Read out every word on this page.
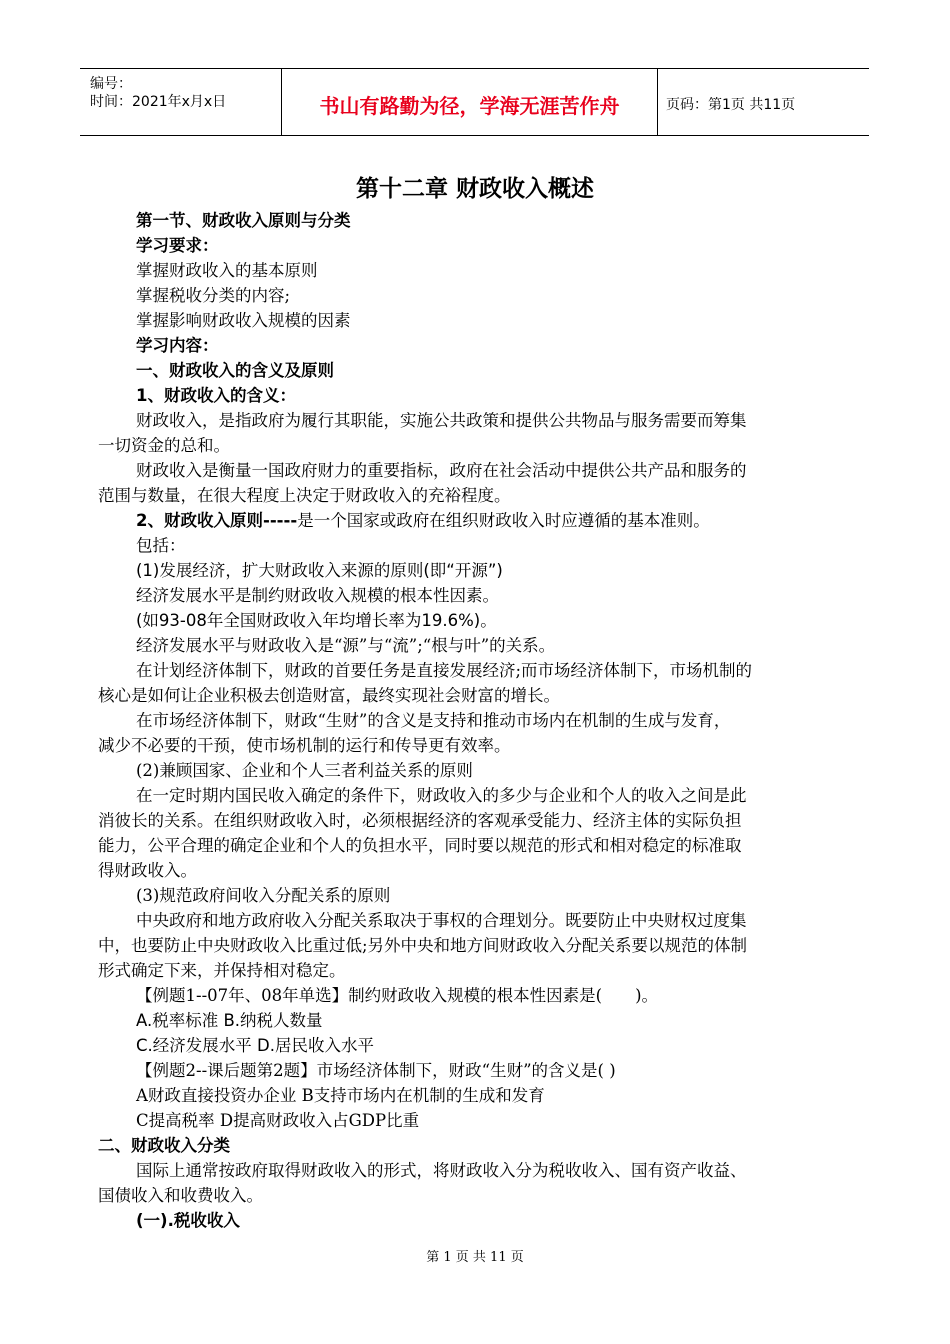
编号：
时间：2021年x月x日	书山有路勤为径，学海无涯苦作舟	页码：第1页 共11页
第十二章 财政收入概述
第一节、财政收入原则与分类
学习要求：
掌握财政收入的基本原则
掌握税收分类的内容;
掌握影响财政收入规模的因素
学习内容：
一、财政收入的含义及原则
1、财政收入的含义：
财政收入，是指政府为履行其职能，实施公共政策和提供公共物品与服务需要而筹集
一切资金的总和。
财政收入是衡量一国政府财力的重要指标，政府在社会活动中提供公共产品和服务的
范围与数量，在很大程度上决定于财政收入的充裕程度。
2、财政收入原则-----是一个国家或政府在组织财政收入时应遵循的基本准则。
包括：
(1)发展经济，扩大财政收入来源的原则(即“开源”)
经济发展水平是制约财政收入规模的根本性因素。
(如93-08年全国财政收入年均增长率为19.6%)。
经济发展水平与财政收入是“源”与“流”;“根与叶”的关系。
在计划经济体制下，财政的首要任务是直接发展经济;而市场经济体制下，市场机制的
核心是如何让企业积极去创造财富，最终实现社会财富的增长。
在市场经济体制下，财政“生财”的含义是支持和推动市场内在机制的生成与发育，
减少不必要的干预，使市场机制的运行和传导更有效率。
(2)兼顾国家、企业和个人三者利益关系的原则
在一定时期内国民收入确定的条件下，财政收入的多少与企业和个人的收入之间是此
消彼长的关系。在组织财政收入时，必须根据经济的客观承受能力、经济主体的实际负担
能力，公平合理的确定企业和个人的负担水平，同时要以规范的形式和相对稳定的标准取
得财政收入。
(3)规范政府间收入分配关系的原则
中央政府和地方政府收入分配关系取决于事权的合理划分。既要防止中央财权过度集
中，也要防止中央财政收入比重过低;另外中央和地方间财政收入分配关系要以规范的体制
形式确定下来，并保持相对稳定。
【例题1--07年、08年单选】制约财政收入规模的根本性因素是(　　)。
A.税率标准 B.纳税人数量
C.经济发展水平 D.居民收入水平
【例题2--课后题第2题】市场经济体制下，财政“生财”的含义是( )
A财政直接投资办企业 B支持市场内在机制的生成和发育
C提高税率 D提高财政收入占GDP比重
二、财政收入分类
国际上通常按政府取得财政收入的形式，将财政收入分为税收收入、国有资产收益、
国债收入和收费收入。
(一).税收收入
第 1 页 共 11 页
